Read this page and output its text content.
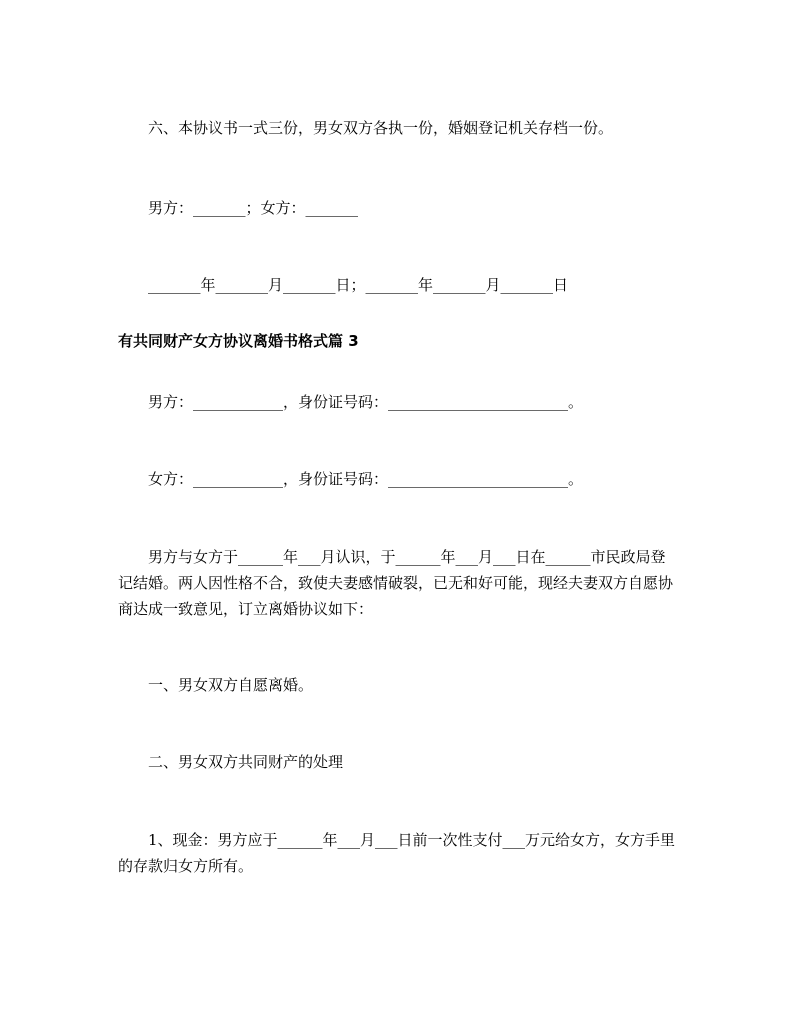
六、本协议书一式三份，男女双方各执一份，婚姻登记机关存档一份。
男方：_______；女方：_______
_______年_______月_______日；_______年_______月_______日
有共同财产女方协议离婚书格式篇 3
男方：____________，身份证号码：________________________。
女方：____________，身份证号码：________________________。
男方与女方于______年___月认识，于______年___月___日在______市民政局登记结婚。两人因性格不合，致使夫妻感情破裂，已无和好可能，现经夫妻双方自愿协商达成一致意见，订立离婚协议如下：
一、男女双方自愿离婚。
二、男女双方共同财产的处理
1、现金：男方应于______年___月___日前一次性支付___万元给女方，女方手里的存款归女方所有。
